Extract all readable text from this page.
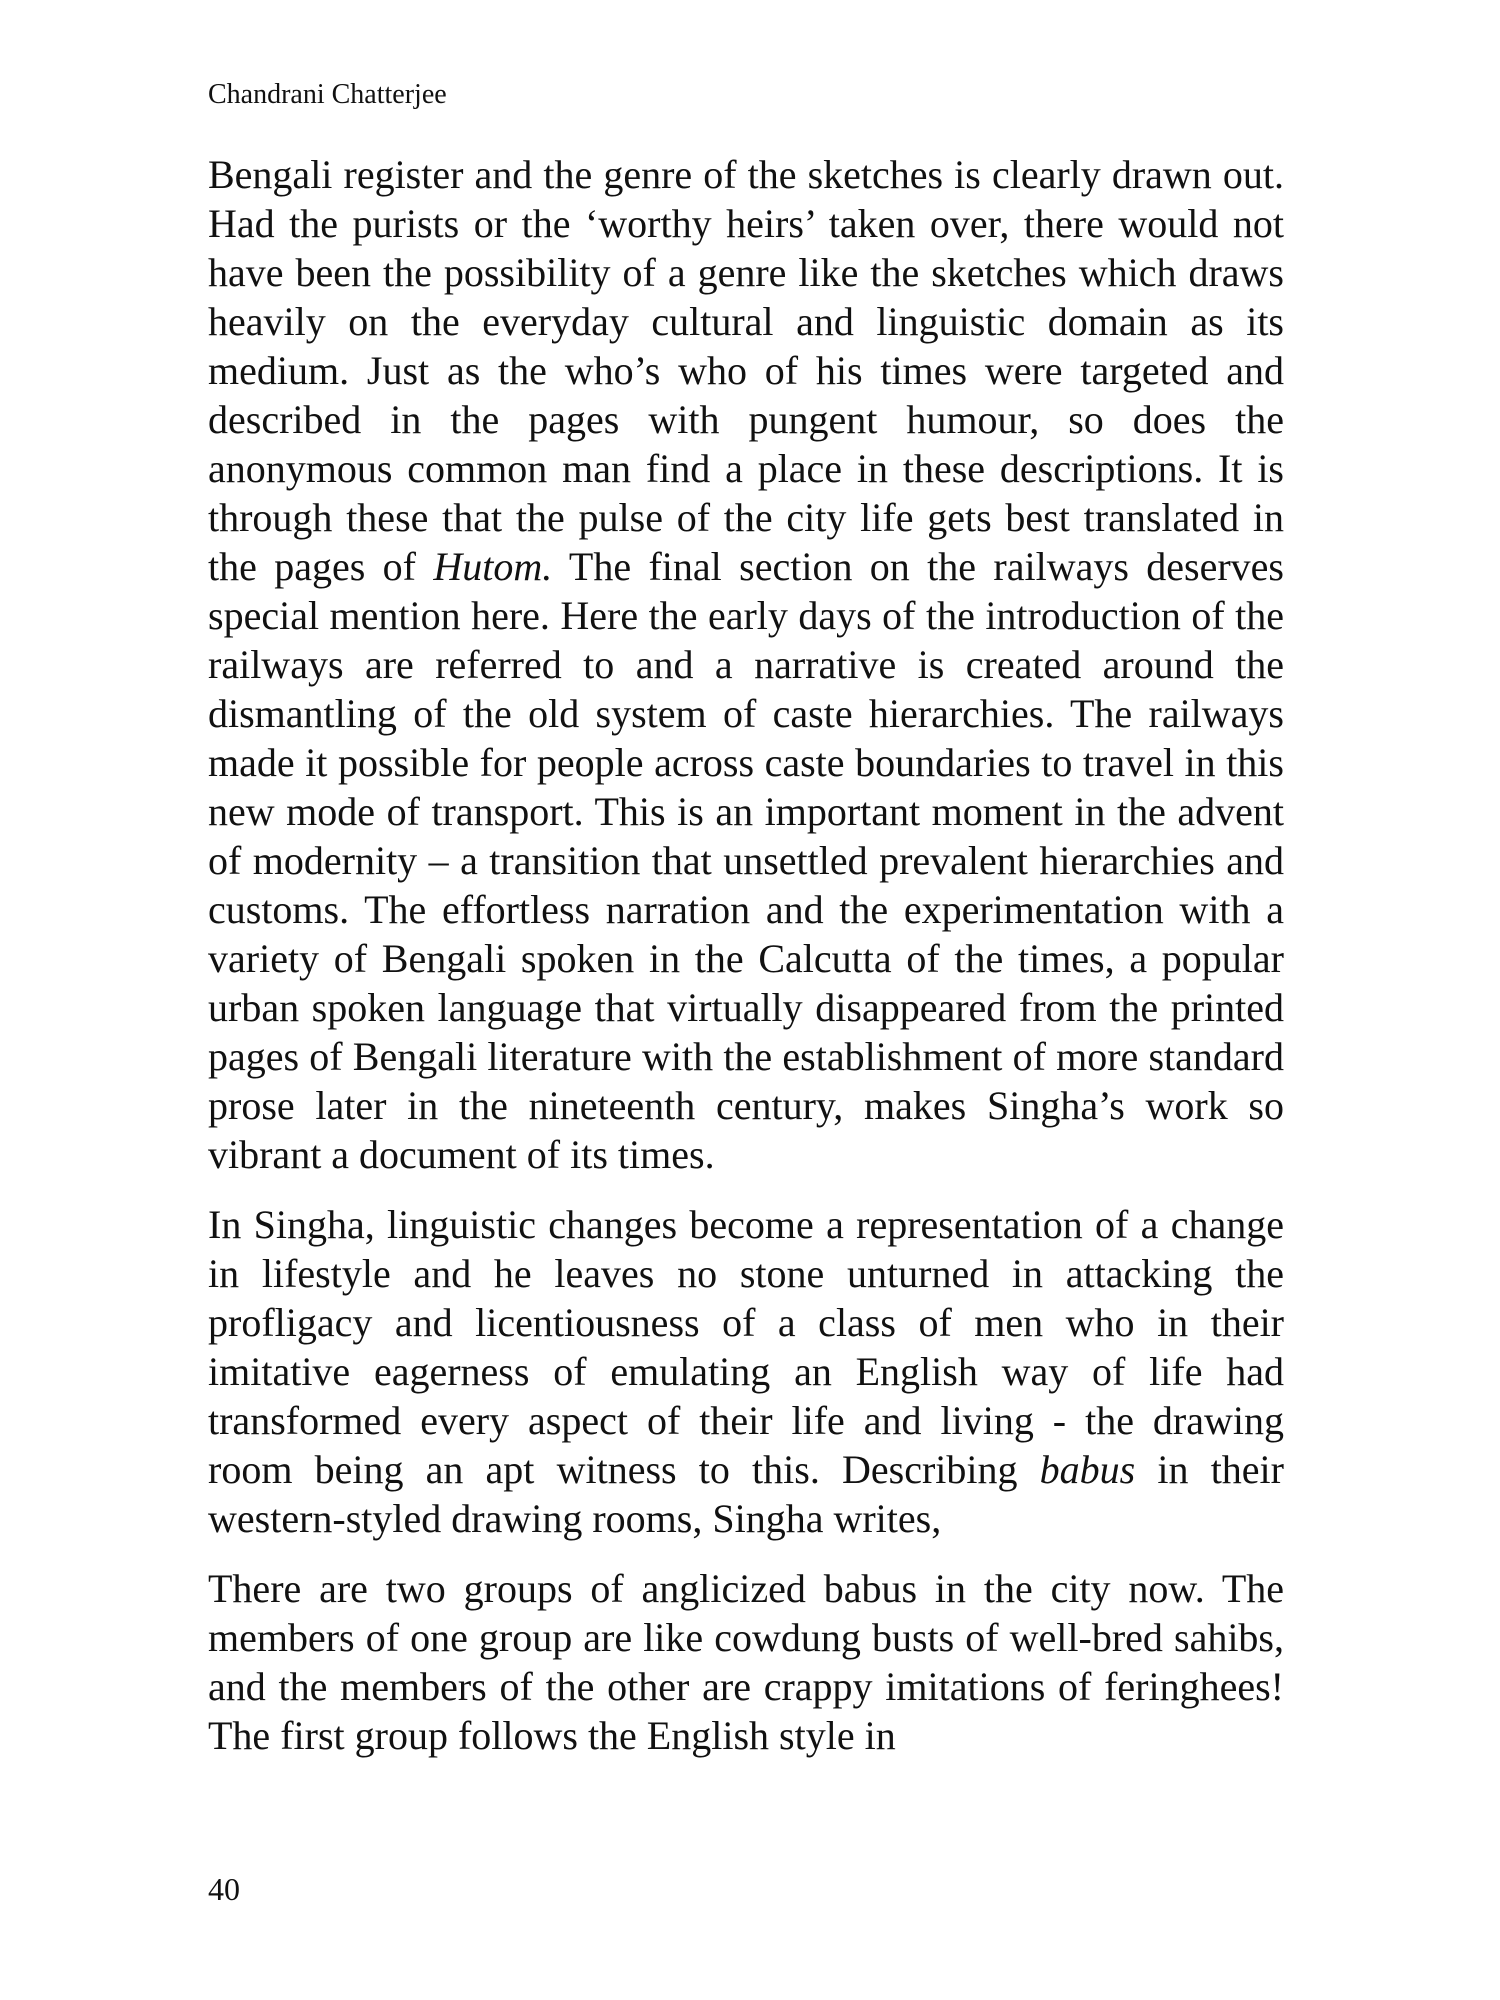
Chandrani Chatterjee

Bengali register and the genre of the sketches is clearly drawn out. Had the purists or the ‘worthy heirs’ taken over, there would not have been the possibility of a genre like the sketches which draws heavily on the everyday cultural and linguistic domain as its medium. Just as the who’s who of his times were targeted and described in the pages with pungent humour, so does the anonymous common man find a place in these descriptions. It is through these that the pulse of the city life gets best translated in the pages of Hutom. The final section on the railways deserves special mention here. Here the early days of the introduction of the railways are referred to and a narrative is created around the dismantling of the old system of caste hierarchies. The railways made it possible for people across caste boundaries to travel in this new mode of transport. This is an important moment in the advent of modernity – a transition that unsettled prevalent hierarchies and customs. The effortless narration and the experimentation with a variety of Bengali spoken in the Calcutta of the times, a popular urban spoken language that virtually disappeared from the printed pages of Bengali literature with the establishment of more standard prose later in the nineteenth century, makes Singha’s work so vibrant a document of its times.

In Singha, linguistic changes become a representation of a change in lifestyle and he leaves no stone unturned in attacking the profligacy and licentiousness of a class of men who in their imitative eagerness of emulating an English way of life had transformed every aspect of their life and living - the drawing room being an apt witness to this. Describing babus in their western-styled drawing rooms, Singha writes,

There are two groups of anglicized babus in the city now. The members of one group are like cowdung busts of well-bred sahibs, and the members of the other are crappy imitations of feringhees! The first group follows the English style in

40
